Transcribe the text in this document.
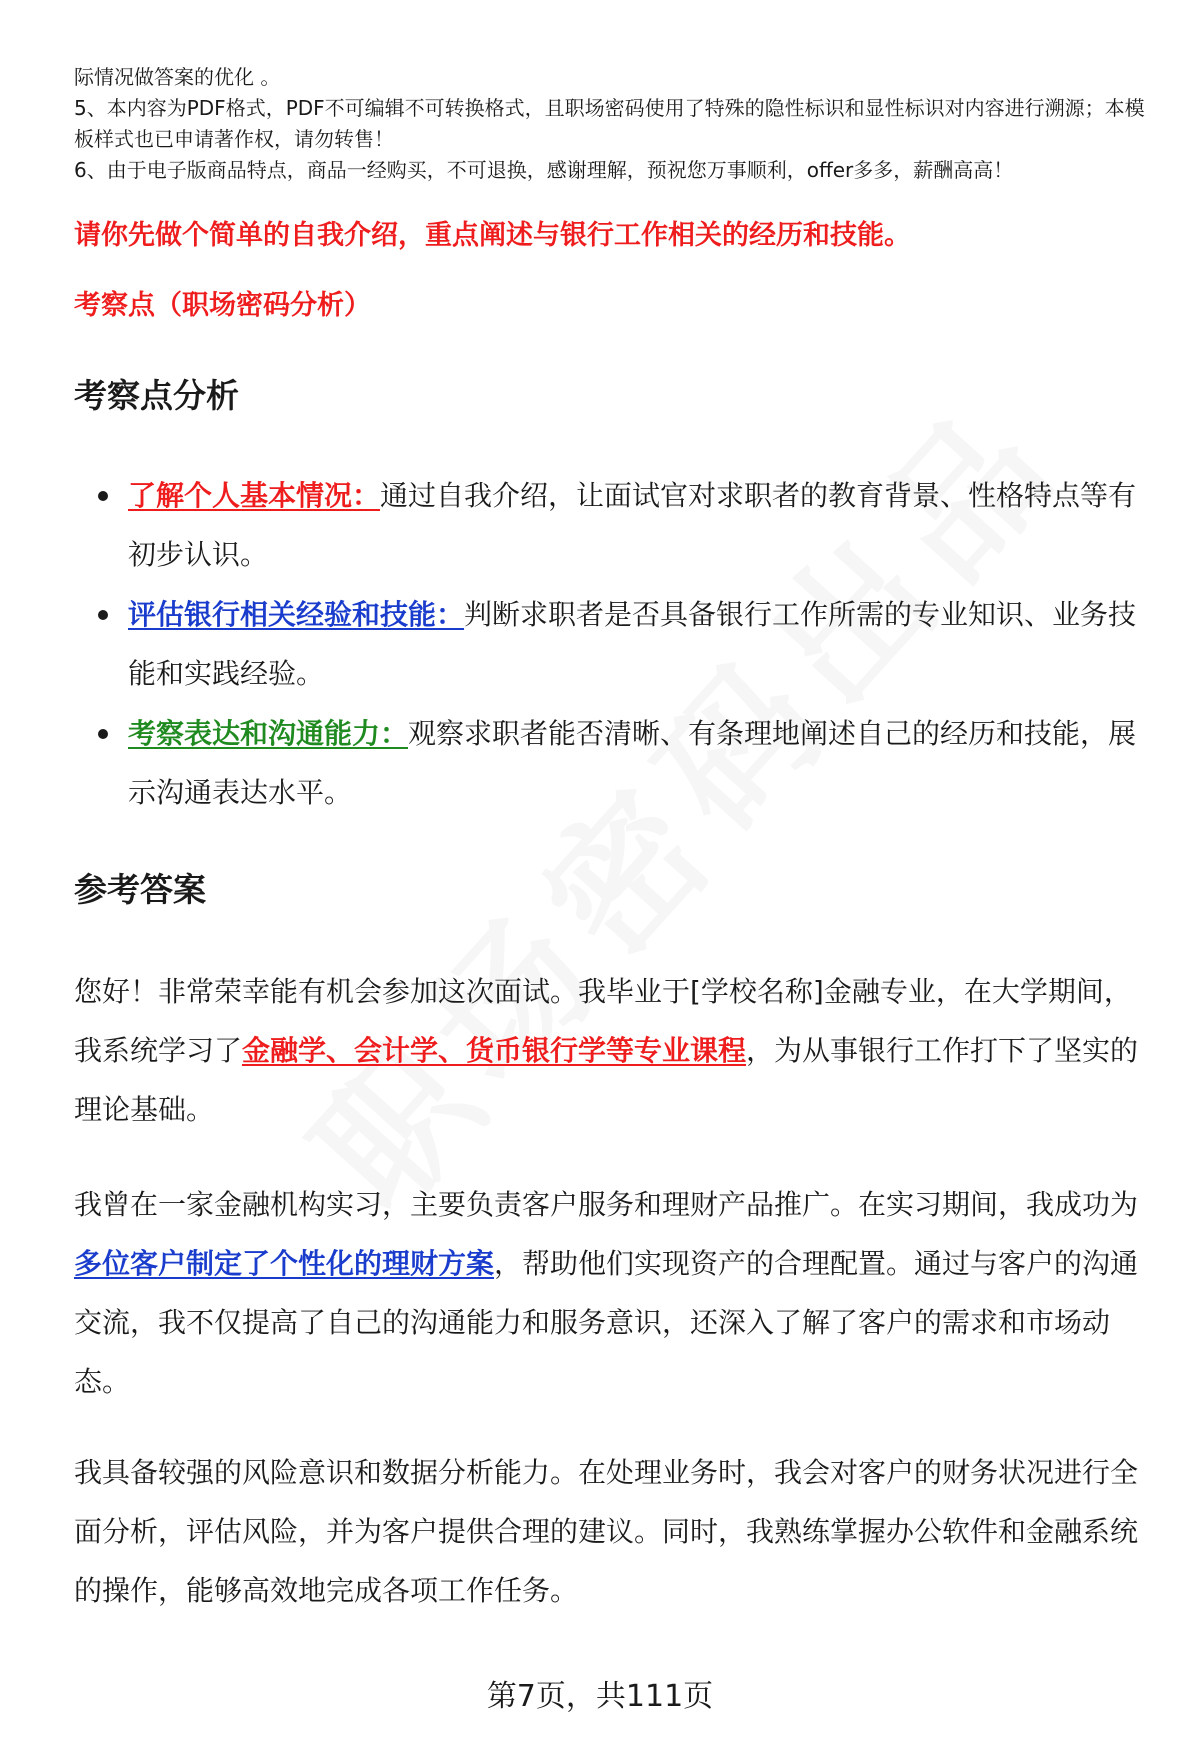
际情况做答案的优化 。

5、本内容为PDF格式，PDF不可编辑不可转换格式，且职场密码使用了特殊的隐性标识和显性标识对内容进行溯源；本模板样式也已申请著作权，请勿转售！

6、由于电子版商品特点，商品一经购买，不可退换，感谢理解，预祝您万事顺利，offer多多，薪酬高高！

请你先做个简单的自我介绍，重点阐述与银行工作相关的经历和技能。
考察点（职场密码分析）
考察点分析
了解个人基本情况：通过自我介绍，让面试官对求职者的教育背景、性格特点等有初步认识。
评估银行相关经验和技能：判断求职者是否具备银行工作所需的专业知识、业务技能和实践经验。
考察表达和沟通能力：观察求职者能否清晰、有条理地阐述自己的经历和技能，展示沟通表达水平。
参考答案

您好！非常荣幸能有机会参加这次面试。我毕业于[学校名称]金融专业，在大学期间，我系统学习了金融学、会计学、货币银行学等专业课程，为从事银行工作打下了坚实的理论基础。

我曾在一家金融机构实习，主要负责客户服务和理财产品推广。在实习期间，我成功为多位客户制定了个性化的理财方案，帮助他们实现资产的合理配置。通过与客户的沟通交流，我不仅提高了自己的沟通能力和服务意识，还深入了解了客户的需求和市场动态。

我具备较强的风险意识和数据分析能力。在处理业务时，我会对客户的财务状况进行全面分析，评估风险，并为客户提供合理的建议。同时，我熟练掌握办公软件和金融系统的操作，能够高效地完成各项工作任务。

第7页，共111页
